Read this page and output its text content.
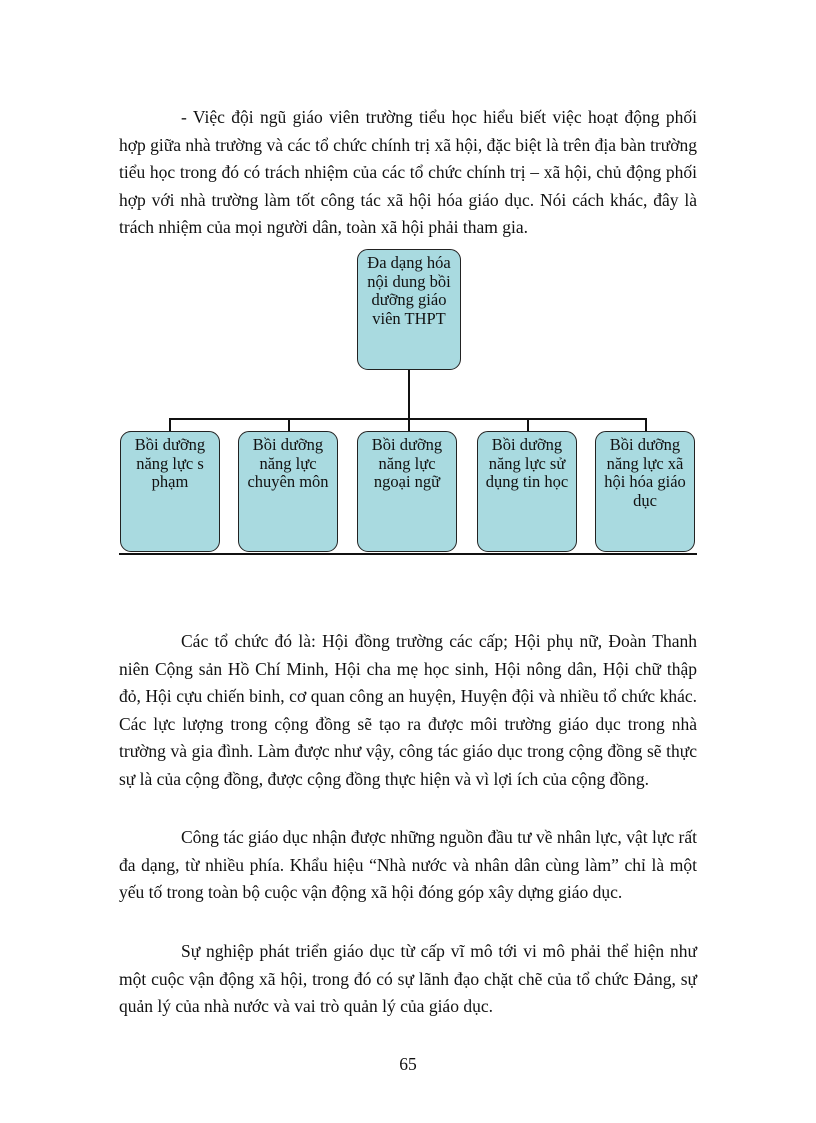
- Việc đội ngũ giáo viên trường tiểu học hiểu biết việc hoạt động phối hợp giữa nhà trường và các tổ chức chính trị xã hội, đặc biệt là trên địa bàn trường tiểu học trong đó có trách nhiệm của các tổ chức chính trị – xã hội, chủ động phối hợp với nhà trường làm tốt công tác xã hội hóa giáo dục. Nói cách khác, đây là trách nhiệm của mọi người dân, toàn xã hội phải tham gia.

Đa dạng hóa nội dung bồi dưỡng giáo viên THPT
Bồi dưỡng năng lực s phạm
Bồi dưỡng năng lực chuyên môn
Bồi dưỡng năng lực ngoại ngữ
Bồi dưỡng năng lực sử dụng tin học
Bồi dưỡng năng lực xã hội hóa giáo dục

Các tổ chức đó là: Hội đồng trường các cấp; Hội phụ nữ, Đoàn Thanh niên Cộng sản Hồ Chí Minh, Hội cha mẹ học sinh, Hội nông dân, Hội chữ thập đỏ, Hội cựu chiến binh, cơ quan công an huyện, Huyện đội và nhiều tổ chức khác. Các lực lượng trong cộng đồng sẽ tạo ra được môi trường giáo dục trong nhà trường và gia đình. Làm được như vậy, công tác giáo dục trong cộng đồng sẽ thực sự là của cộng đồng, được cộng đồng thực hiện và vì lợi ích của cộng đồng.

Công tác giáo dục nhận được những nguồn đầu tư về nhân lực, vật lực rất đa dạng, từ nhiều phía. Khẩu hiệu “Nhà nước và nhân dân cùng làm” chỉ là một yếu tố trong toàn bộ cuộc vận động xã hội đóng góp xây dựng giáo dục.

Sự nghiệp phát triển giáo dục từ cấp vĩ mô tới vi mô phải thể hiện như một cuộc vận động xã hội, trong đó có sự lãnh đạo chặt chẽ của tổ chức Đảng, sự quản lý của nhà nước và vai trò quản lý của giáo dục.

65
